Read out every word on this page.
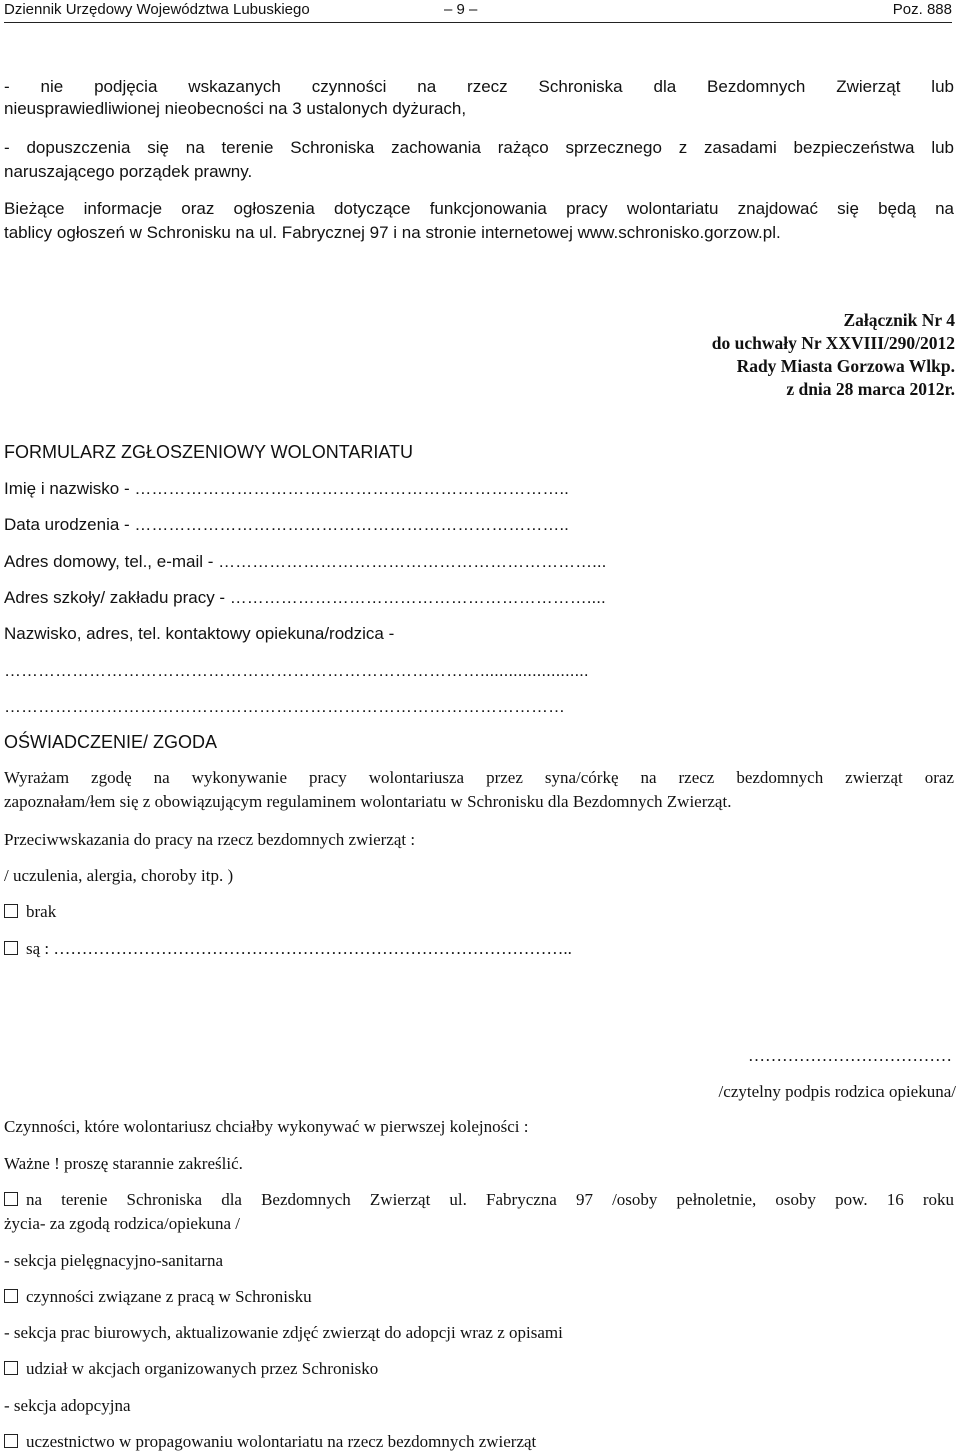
Dziennik Urzędowy Województwa Lubuskiego	– 9 –	Poz. 888
- nie podjęcia wskazanych czynności na rzecz Schroniska dla Bezdomnych Zwierząt lub
nieusprawiedliwionej nieobecności na 3 ustalonych dyżurach,
- dopuszczenia się na terenie Schroniska zachowania rażąco sprzecznego z zasadami bezpieczeństwa lub
naruszającego porządek prawny.
Bieżące informacje oraz ogłoszenia dotyczące funkcjonowania pracy wolontariatu znajdować się będą na
tablicy ogłoszeń w Schronisku na ul. Fabrycznej 97 i na stronie internetowej www.schronisko.gorzow.pl.
Załącznik Nr 4
do uchwały Nr XXVIII/290/2012
Rady Miasta Gorzowa Wlkp.
z dnia 28 marca 2012r.
FORMULARZ ZGŁOSZENIOWY WOLONTARIATU
Imię i nazwisko - …………………………………………………………………..
Data urodzenia - …………………………………………………………………..
Adres domowy, tel., e-mail - …………………………………………………………...
Adres szkoły/ zakładu pracy - ………………………………………………………....
Nazwisko, adres, tel. kontaktowy opiekuna/rodzica -
………………………………………………………………………….......................
………………………………………………………………………………………
OŚWIADCZENIE/ ZGODA
Wyrażam zgodę na wykonywanie pracy wolontariusza przez syna/córkę na rzecz bezdomnych zwierząt oraz
zapoznałam/łem się z obowiązującym regulaminem wolontariatu w Schronisku dla Bezdomnych Zwierząt.
Przeciwwskazania do pracy na rzecz bezdomnych zwierząt :
/ uczulenia, alergia, choroby itp. )
brak
są : ………………………………………………………………………………..
………………………………
/czytelny podpis rodzica opiekuna/
Czynności, które wolontariusz chciałby wykonywać w pierwszej kolejności :
Ważne ! proszę starannie zakreślić.
na terenie Schroniska dla Bezdomnych Zwierząt ul. Fabryczna 97 /osoby pełnoletnie, osoby pow. 16 roku
życia- za zgodą rodzica/opiekuna /
- sekcja pielęgnacyjno-sanitarna
czynności związane z pracą w Schronisku
- sekcja prac biurowych, aktualizowanie zdjęć zwierząt do adopcji wraz z opisami
udział w akcjach organizowanych przez Schronisko
- sekcja adopcyjna
uczestnictwo w propagowaniu wolontariatu na rzecz bezdomnych zwierząt
